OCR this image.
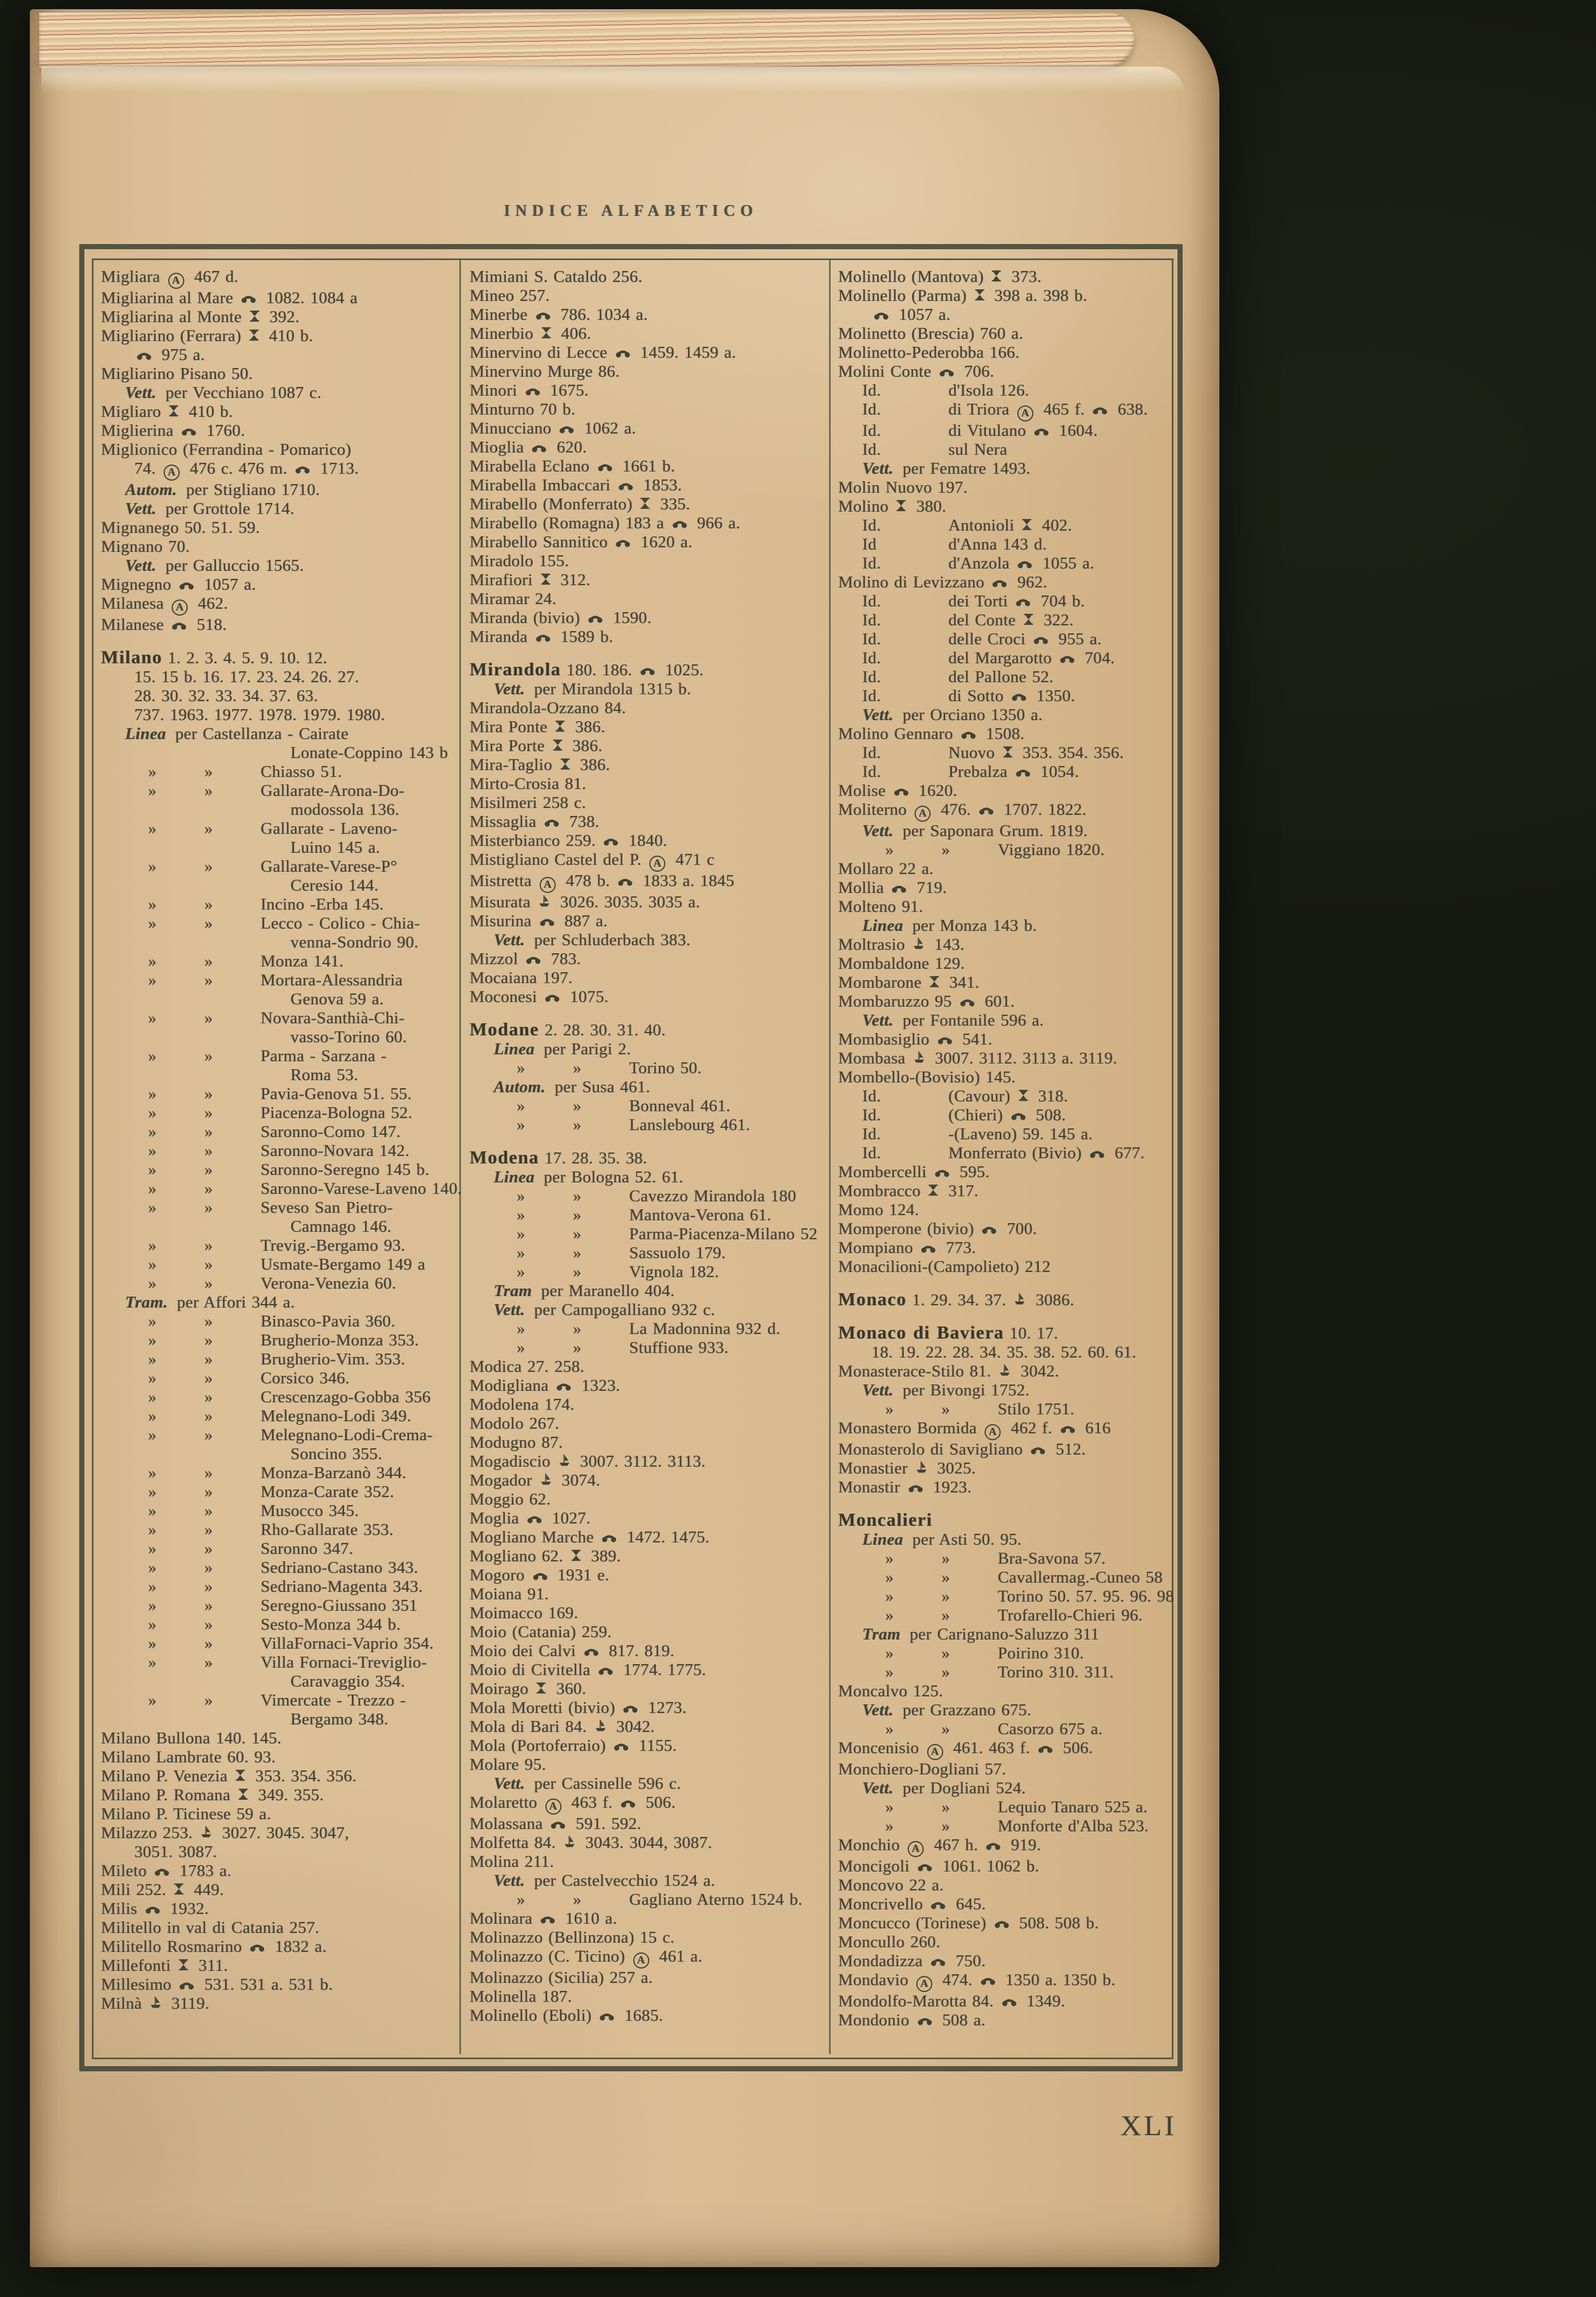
INDICE ALFABETICO
Migliara A 467 d.
Migliarina al Mare  1082. 1084 a
Migliarina al Monte  392.
Migliarino (Ferrara)  410 b.
975 a.
Migliarino Pisano 50.
Vett. per Vecchiano 1087 c.
Migliaro  410 b.
Miglierina  1760.
Miglionico (Ferrandina - Pomarico)
74. A 476 c. 476 m.  1713.
Autom. per Stigliano 1710.
Vett. per Grottole 1714.
Mignanego 50. 51. 59.
Mignano 70.
Vett. per Galluccio 1565.
Mignegno  1057 a.
Milanesa A 462.
Milanese  518.
Milano 1. 2. 3. 4. 5. 9. 10. 12.
15. 15 b. 16. 17. 23. 24. 26. 27.
28. 30. 32. 33. 34. 37. 63.
737. 1963. 1977. 1978. 1979. 1980.
Linea per Castellanza - Cairate
Lonate-Coppino 143 b
»	»	Chiasso 51.
»	»	Gallarate-Arona-Do-
modossola 136.
»	»	Gallarate - Laveno-
Luino 145 a.
»	»	Gallarate-Varese-P°
Ceresio 144.
»	»	Incino -Erba 145.
»	»	Lecco - Colico - Chia-
venna-Sondrio 90.
»	»	Monza 141.
»	»	Mortara-Alessandria
Genova 59 a.
»	»	Novara-Santhià-Chi-
vasso-Torino 60.
»	»	Parma - Sarzana -
Roma 53.
»	»	Pavia-Genova 51. 55.
»	»	Piacenza-Bologna 52.
»	»	Saronno-Como 147.
»	»	Saronno-Novara 142.
»	»	Saronno-Seregno 145 b.
»	»	Saronno-Varese-Laveno 140.
»	»	Seveso San Pietro-
Camnago 146.
»	»	Trevig.-Bergamo 93.
»	»	Usmate-Bergamo 149 a
»	»	Verona-Venezia 60.
Tram. per Affori 344 a.
»	»	Binasco-Pavia 360.
»	»	Brugherio-Monza 353.
»	»	Brugherio-Vim. 353.
»	»	Corsico 346.
»	»	Crescenzago-Gobba 356
»	»	Melegnano-Lodi 349.
»	»	Melegnano-Lodi-Crema-
Soncino 355.
»	»	Monza-Barzanò 344.
»	»	Monza-Carate 352.
»	»	Musocco 345.
»	»	Rho-Gallarate 353.
»	»	Saronno 347.
»	»	Sedriano-Castano 343.
»	»	Sedriano-Magenta 343.
»	»	Seregno-Giussano 351
»	»	Sesto-Monza 344 b.
»	»	VillaFornaci-Vaprio 354.
»	»	Villa Fornaci-Treviglio-
Caravaggio 354.
»	»	Vimercate - Trezzo -
Bergamo 348.
Milano Bullona 140. 145.
Milano Lambrate 60. 93.
Milano P. Venezia  353. 354. 356.
Milano P. Romana  349. 355.
Milano P. Ticinese 59 a.
Milazzo 253.  3027. 3045. 3047,
3051. 3087.
Mileto  1783 a.
Mili 252.  449.
Milis  1932.
Militello in val di Catania 257.
Militello Rosmarino  1832 a.
Millefonti  311.
Millesimo  531. 531 a. 531 b.
Milnà  3119.
Mimiani S. Cataldo 256.
Mineo 257.
Minerbe  786. 1034 a.
Minerbio  406.
Minervino di Lecce  1459. 1459 a.
Minervino Murge 86.
Minori  1675.
Minturno 70 b.
Minucciano  1062 a.
Mioglia  620.
Mirabella Eclano  1661 b.
Mirabella Imbaccari  1853.
Mirabello (Monferrato)  335.
Mirabello (Romagna) 183 a  966 a.
Mirabello Sannitico  1620 a.
Miradolo 155.
Mirafiori  312.
Miramar 24.
Miranda (bivio)  1590.
Miranda  1589 b.
Mirandola 180. 186.  1025.
Vett. per Mirandola 1315 b.
Mirandola-Ozzano 84.
Mira Ponte  386.
Mira Porte  386.
Mira-Taglio  386.
Mirto-Crosia 81.
Misilmeri 258 c.
Missaglia  738.
Misterbianco 259.  1840.
Mistigliano Castel del P. A 471 c
Mistretta A 478 b.  1833 a. 1845
Misurata  3026. 3035. 3035 a.
Misurina  887 a.
Vett. per Schluderbach 383.
Mizzol  783.
Mocaiana 197.
Moconesi  1075.
Modane 2. 28. 30. 31. 40.
Linea per Parigi 2.
»	»	Torino 50.
Autom. per Susa 461.
»	»	Bonneval 461.
»	»	Lanslebourg 461.
Modena 17. 28. 35. 38.
Linea per Bologna 52. 61.
»	»	Cavezzo Mirandola 180
»	»	Mantova-Verona 61.
»	»	Parma-Piacenza-Milano 52
»	»	Sassuolo 179.
»	»	Vignola 182.
Tram per Maranello 404.
Vett. per Campogalliano 932 c.
»	»	La Madonnina 932 d.
»	»	Stuffione 933.
Modica 27. 258.
Modigliana  1323.
Modolena 174.
Modolo 267.
Modugno 87.
Mogadiscio  3007. 3112. 3113.
Mogador  3074.
Moggio 62.
Moglia  1027.
Mogliano Marche  1472. 1475.
Mogliano 62.  389.
Mogoro  1931 e.
Moiana 91.
Moimacco 169.
Moio (Catania) 259.
Moio dei Calvi  817. 819.
Moio di Civitella  1774. 1775.
Moirago  360.
Mola Moretti (bivio)  1273.
Mola di Bari 84.  3042.
Mola (Portoferraio)  1155.
Molare 95.
Vett. per Cassinelle 596 c.
Molaretto A 463 f.  506.
Molassana  591. 592.
Molfetta 84.  3043. 3044, 3087.
Molina 211.
Vett. per Castelvecchio 1524 a.
»	»	Gagliano Aterno 1524 b.
Molinara  1610 a.
Molinazzo (Bellinzona) 15 c.
Molinazzo (C. Ticino) A 461 a.
Molinazzo (Sicilia) 257 a.
Molinella 187.
Molinello (Eboli)  1685.
Molinello (Mantova)  373.
Molinello (Parma)  398 a. 398 b.
1057 a.
Molinetto (Brescia) 760 a.
Molinetto-Pederobba 166.
Molini Conte  706.
Id.	d'Isola 126.
Id.	di Triora A 465 f.  638.
Id.	di Vitulano  1604.
Id.	sul Nera
Vett. per Fematre 1493.
Molin Nuovo 197.
Molino  380.
Id.	Antonioli  402.
Id	d'Anna 143 d.
Id.	d'Anzola  1055 a.
Molino di Levizzano  962.
Id.	dei Torti  704 b.
Id.	del Conte  322.
Id.	delle Croci  955 a.
Id.	del Margarotto  704.
Id.	del Pallone 52.
Id.	di Sotto  1350.
Vett. per Orciano 1350 a.
Molino Gennaro  1508.
Id.	Nuovo  353. 354. 356.
Id.	Prebalza  1054.
Molise  1620.
Moliterno A 476.  1707. 1822.
Vett. per Saponara Grum. 1819.
»	»	Viggiano 1820.
Mollaro 22 a.
Mollia  719.
Molteno 91.
Linea per Monza 143 b.
Moltrasio  143.
Mombaldone 129.
Mombarone  341.
Mombaruzzo 95  601.
Vett. per Fontanile 596 a.
Mombasiglio  541.
Mombasa  3007. 3112. 3113 a. 3119.
Mombello-(Bovisio) 145.
Id.	(Cavour)  318.
Id.	(Chieri)  508.
Id.	-(Laveno) 59. 145 a.
Id.	Monferrato (Bivio)  677.
Mombercelli  595.
Mombracco  317.
Momo 124.
Momperone (bivio)  700.
Mompiano  773.
Monacilioni-(Campolieto) 212
Monaco 1. 29. 34. 37.  3086.
Monaco di Baviera 10. 17.
18. 19. 22. 28. 34. 35. 38. 52. 60. 61.
Monasterace-Stilo 81.  3042.
Vett. per Bivongi 1752.
»	»	Stilo 1751.
Monastero Bormida A 462 f.  616
Monasterolo di Savigliano  512.
Monastier  3025.
Monastir  1923.
Moncalieri
Linea per Asti 50. 95.
»	»	Bra-Savona 57.
»	»	Cavallermag.-Cuneo 58
»	»	Torino 50. 57. 95. 96. 98
»	»	Trofarello-Chieri 96.
Tram per Carignano-Saluzzo 311
»	»	Poirino 310.
»	»	Torino 310. 311.
Moncalvo 125.
Vett. per Grazzano 675.
»	»	Casorzo 675 a.
Moncenisio A 461. 463 f.  506.
Monchiero-Dogliani 57.
Vett. per Dogliani 524.
»	»	Lequio Tanaro 525 a.
»	»	Monforte d'Alba 523.
Monchio A 467 h.  919.
Moncigoli  1061. 1062 b.
Moncovo 22 a.
Moncrivello  645.
Moncucco (Torinese)  508. 508 b.
Moncullo 260.
Mondadizza  750.
Mondavio A 474.  1350 a. 1350 b.
Mondolfo-Marotta 84.  1349.
Mondonio  508 a.
XLI
